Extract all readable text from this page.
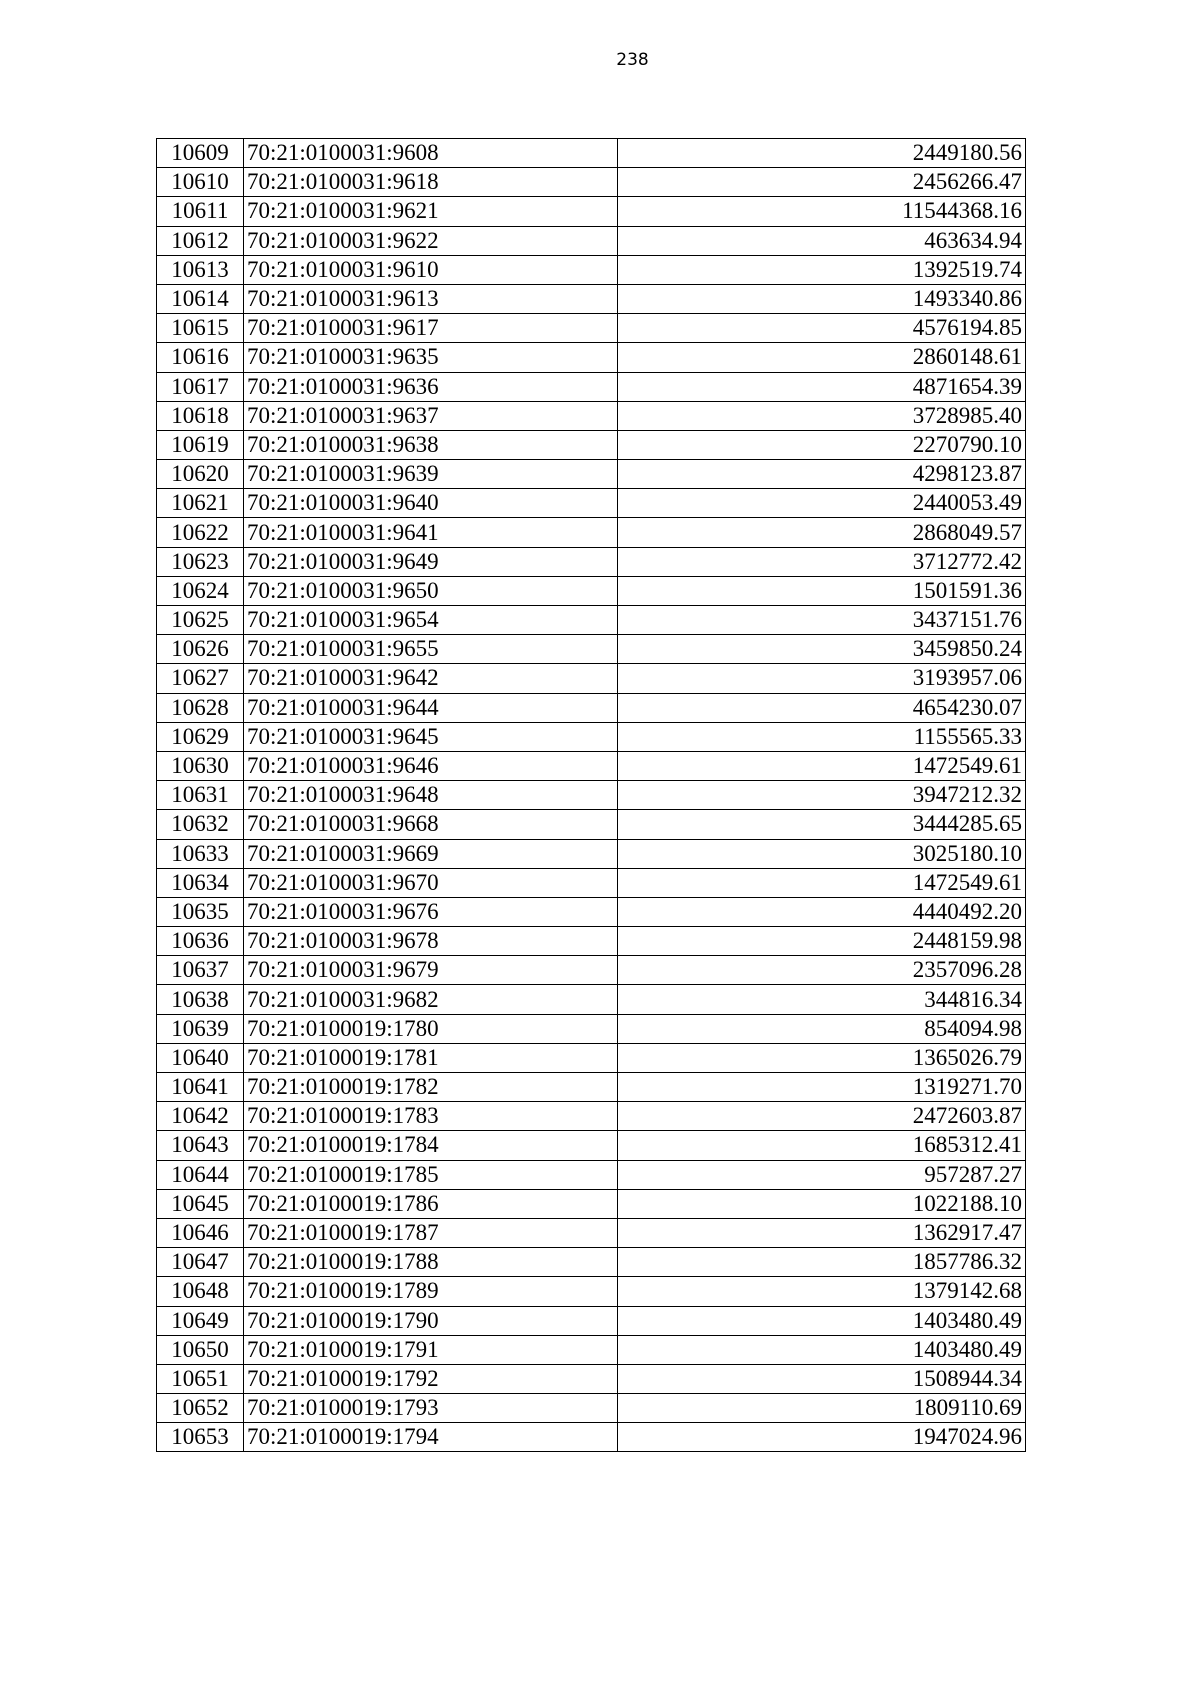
238
10609	70:21:0100031:9608	2449180.56
10610	70:21:0100031:9618	2456266.47
10611	70:21:0100031:9621	11544368.16
10612	70:21:0100031:9622	463634.94
10613	70:21:0100031:9610	1392519.74
10614	70:21:0100031:9613	1493340.86
10615	70:21:0100031:9617	4576194.85
10616	70:21:0100031:9635	2860148.61
10617	70:21:0100031:9636	4871654.39
10618	70:21:0100031:9637	3728985.40
10619	70:21:0100031:9638	2270790.10
10620	70:21:0100031:9639	4298123.87
10621	70:21:0100031:9640	2440053.49
10622	70:21:0100031:9641	2868049.57
10623	70:21:0100031:9649	3712772.42
10624	70:21:0100031:9650	1501591.36
10625	70:21:0100031:9654	3437151.76
10626	70:21:0100031:9655	3459850.24
10627	70:21:0100031:9642	3193957.06
10628	70:21:0100031:9644	4654230.07
10629	70:21:0100031:9645	1155565.33
10630	70:21:0100031:9646	1472549.61
10631	70:21:0100031:9648	3947212.32
10632	70:21:0100031:9668	3444285.65
10633	70:21:0100031:9669	3025180.10
10634	70:21:0100031:9670	1472549.61
10635	70:21:0100031:9676	4440492.20
10636	70:21:0100031:9678	2448159.98
10637	70:21:0100031:9679	2357096.28
10638	70:21:0100031:9682	344816.34
10639	70:21:0100019:1780	854094.98
10640	70:21:0100019:1781	1365026.79
10641	70:21:0100019:1782	1319271.70
10642	70:21:0100019:1783	2472603.87
10643	70:21:0100019:1784	1685312.41
10644	70:21:0100019:1785	957287.27
10645	70:21:0100019:1786	1022188.10
10646	70:21:0100019:1787	1362917.47
10647	70:21:0100019:1788	1857786.32
10648	70:21:0100019:1789	1379142.68
10649	70:21:0100019:1790	1403480.49
10650	70:21:0100019:1791	1403480.49
10651	70:21:0100019:1792	1508944.34
10652	70:21:0100019:1793	1809110.69
10653	70:21:0100019:1794	1947024.96
